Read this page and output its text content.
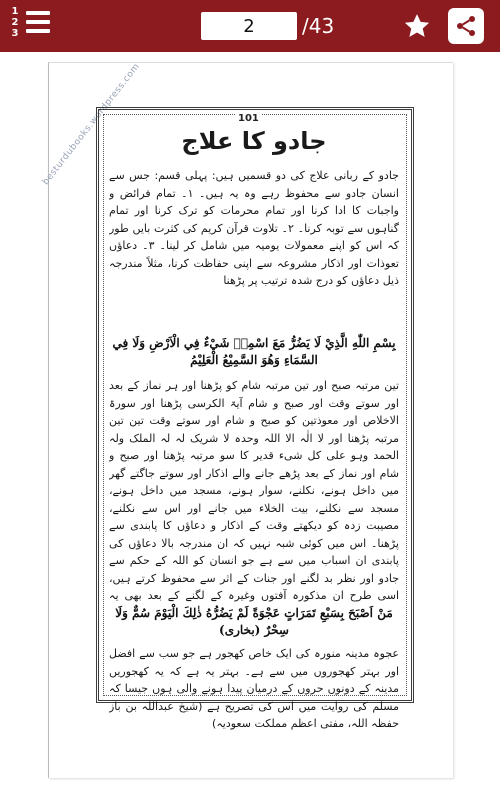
1
2
3
2	/43
besturdubooks.wordpress.com	101
جادو کا علاج
جادو کے ربانی علاج کی دو قسمیں ہیں: پہلی قسم: جس سے انسان جادو سے محفوظ رہے وہ یہ ہیں۔ ۱۔ تمام فرائض و واجبات کا ادا کرنا اور تمام محرمات کو ترک کرنا اور تمام گناہوں سے توبہ کرنا۔ ۲۔ تلاوت قرآن کریم کی کثرت بایں طور کہ اس کو اپنے معمولات یومیہ میں شامل کر لینا۔ ۳۔ دعاؤں تعوذات اور اذکار مشروعہ سے اپنی حفاظت کرنا، مثلاً مندرجہ ذیل دعاؤں کو درج شدہ ترتیب پر پڑھنا
بِسْمِ اللّٰهِ الَّذِيْ لَا يَضُرُّ مَعَ اسْمِهٖ شَيْءٌ فِي الْاَرْضِ وَلَا فِي السَّمَاءِ وَهُوَ السَّمِيْعُ الْعَلِيْمُ
تین مرتبہ صبح اور تین مرتبہ شام کو پڑھنا اور ہر نماز کے بعد اور سوتے وقت اور صبح و شام آیۃ الکرسی پڑھنا اور سورۃ الاخلاص اور معوذتین کو صبح و شام اور سوتے وقت تین تین مرتبہ پڑھنا اور لا الٰہ الا اللہ وحدہ لا شریک لہ لہ الملک ولہ الحمد وہو علی کل شیء قدیر کا سو مرتبہ پڑھنا اور صبح و شام اور نماز کے بعد پڑھے جانے والے اذکار اور سوتے جاگتے گھر میں داخل ہونے، نکلنے، سوار ہونے، مسجد میں داخل ہونے، مسجد سے نکلنے، بیت الخلاء میں جانے اور اس سے نکلنے، مصیبت زدہ کو دیکھتے وقت کے اذکار و دعاؤں کا پابندی سے پڑھنا۔ اس میں کوئی شبہ نہیں کہ ان مندرجہ بالا دعاؤں کی پابندی ان اسباب میں سے ہے جو انسان کو اللہ کے حکم سے جادو اور نظر بد لگنے اور جنات کے اثر سے محفوظ کرتے ہیں، اسی طرح ان مذکورہ آفتوں وغیرہ کے لگنے کے بعد بھی یہ
مَنْ اَصْبَحَ بِسَبْعِ تَمَرَاتٍ عَجْوَةً لَمْ يَضُرُّهُ ذٰلِكَ الْيَوْمَ سُمٌّ وَلَا سِحْرٌ (بخاری)
عجوہ مدینہ منورہ کی ایک خاص کھجور ہے جو سب سے افضل اور بہتر کھجوروں میں سے ہے۔ بہتر یہ ہے کہ یہ کھجوریں مدینہ کے دونوں حروں کے درمیان پیدا ہونے والی ہوں جیسا کہ مسلم کی روایت میں اس کی تصریح ہے (شیخ عبداللہ بن باز حفظہ اللہ، مفتی اعظم مملکت سعودیہ)
